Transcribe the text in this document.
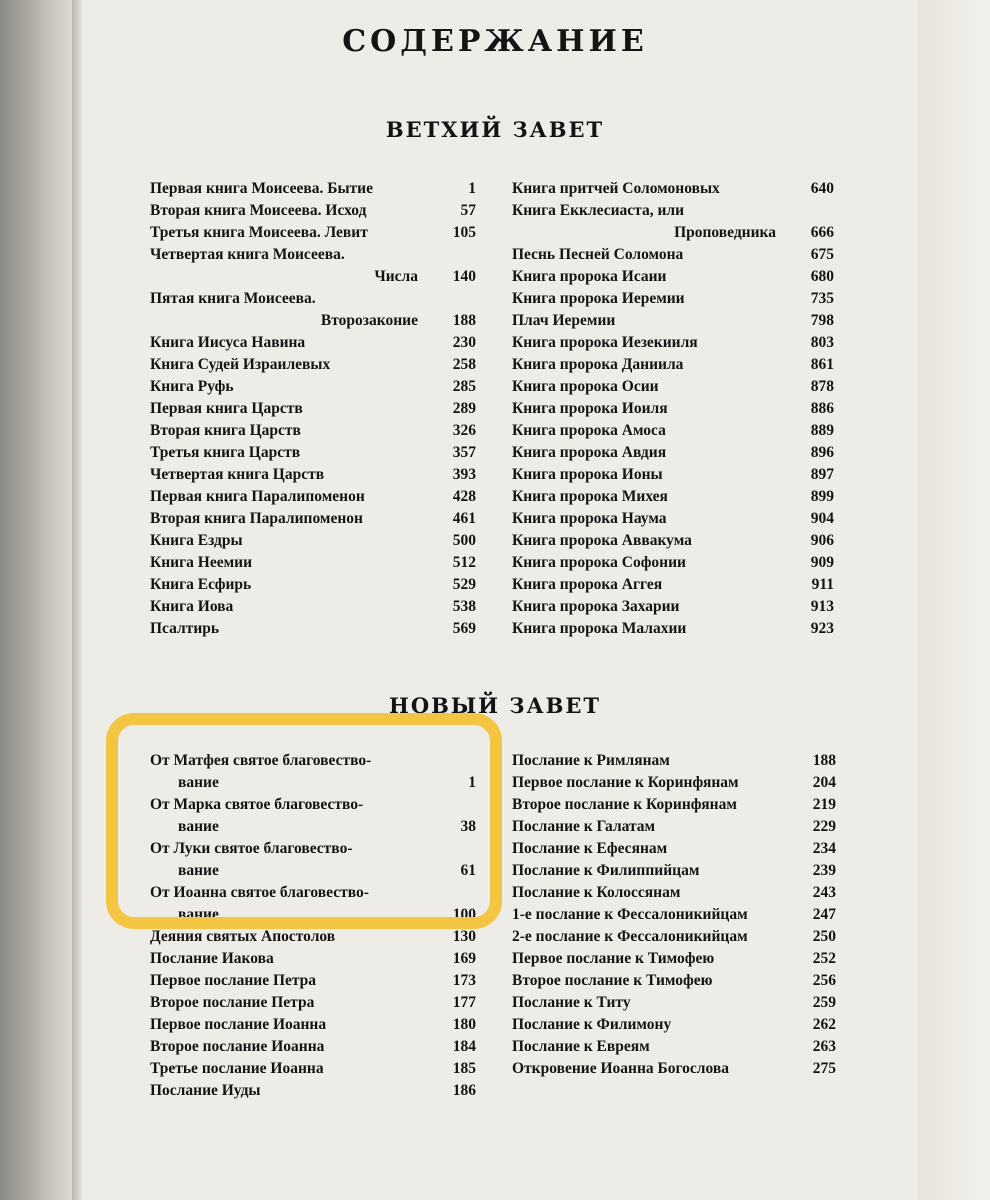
СОДЕРЖАНИЕ
ВЕТХИЙ ЗАВЕТ
Первая книга Моисеева. Бытие	1
Вторая книга Моисеева. Исход	57
Третья книга Моисеева. Левит	105
Четвертая книга Моисеева.
Числа	140
Пятая книга Моисеева.
Второзаконие	188
Книга Иисуса Навина	230
Книга Судей Израилевых	258
Книга Руфь	285
Первая книга Царств	289
Вторая книга Царств	326
Третья книга Царств	357
Четвертая книга Царств	393
Первая книга Паралипоменон	428
Вторая книга Паралипоменон	461
Книга Ездры	500
Книга Неемии	512
Книга Есфирь	529
Книга Иова	538
Псалтирь	569
Книга притчей Соломоновых	640
Книга Екклесиаста, или
Проповедника	666
Песнь Песней Соломона	675
Книга пророка Исаии	680
Книга пророка Иеремии	735
Плач Иеремии	798
Книга пророка Иезекииля	803
Книга пророка Даниила	861
Книга пророка Осии	878
Книга пророка Иоиля	886
Книга пророка Амоса	889
Книга пророка Авдия	896
Книга пророка Ионы	897
Книга пророка Михея	899
Книга пророка Наума	904
Книга пророка Аввакума	906
Книга пророка Софонии	909
Книга пророка Аггея	911
Книга пророка Захарии	913
Книга пророка Малахии	923
НОВЫЙ ЗАВЕТ
От Матфея святое благовество-
вание	1
От Марка святое благовество-
вание	38
От Луки святое благовество-
вание	61
От Иоанна святое благовество-
вание	100
Деяния святых Апостолов	130
Послание Иакова	169
Первое послание Петра	173
Второе послание Петра	177
Первое послание Иоанна	180
Второе послание Иоанна	184
Третье послание Иоанна	185
Послание Иуды	186
Послание к Римлянам	188
Первое послание к Коринфянам	204
Второе послание к Коринфянам	219
Послание к Галатам	229
Послание к Ефесянам	234
Послание к Филиппийцам	239
Послание к Колоссянам	243
1-е послание к Фессалоникийцам	247
2-е послание к Фессалоникийцам	250
Первое послание к Тимофею	252
Второе послание к Тимофею	256
Послание к Титу	259
Послание к Филимону	262
Послание к Евреям	263
Откровение Иоанна Богослова	275
